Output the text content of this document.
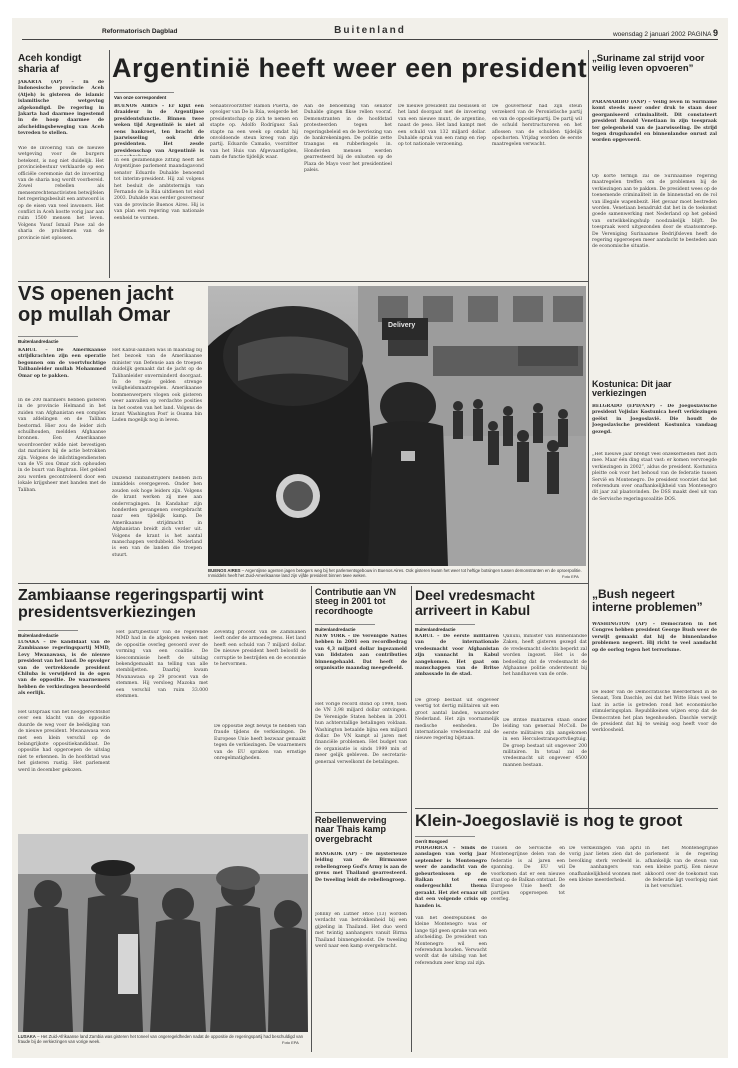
Reformatorisch Dagblad	Buitenland	woensdag 2 januari 2002 PAGINA 9
Aceh kondigt sharia af
JAKARTA (AP) – In de Indonesische provincie Aceh (Atjeh) is gisteren de islamic islamitische wetgeving afgekondigd. De regering in Jakarta had daarmee ingestemd in de hoop daarmee de afscheidingsbeweging van Aceh tevreden te stellen.
Wie de invoering van de nieuwe wetgeving voor de burgers betekent, is nog niet duidelijk. Het provinciebestuur verklaarde op een officiële ceremonie dat de invoering van de sharia nog wordt voorbereid. Zowel rebellen als mensenrechtenactivisten betwijfelen het regeringsbesluit een antwoord is op de eisen van veel inwoners. Het conflict in Aceh kostte vorig jaar aan ruim 1500 mensen het leven. Volgens Yusuf Ismail Pase zal de sharia de problemen van de provincie niet oplossen.
Argentinië heeft weer een president
Van onze correspondent
BUENOS AIRES – Er kijkt een draaideur in de Argentijnse presidentsfunctie. Binnen twee weken tijd Argentinië is niet al eens bankroet, ten bracht de jaarwisseling ook drie presidenten. Het zesde presidenschap van Argentinië is
In een gezamenlijke zitting heeft het Argentijnse parlement maandagavond senator Eduardo Duhalde benoemd tot interim-president. Hij zal volgens het besluit de ambtstermijn van Fernando de la Rúa uitdienen tot eind 2003. Duhalde was eerder gouverneur van de provincie Buenos Aires. Hij is van plan een regering van nationale eenheid te vormen.
Senaatsvoorzitter Ramón Puerta, de opvolger van De la Rúa, weigerde het presidentschap op zich te nemen en stapte op. Adolfo Rodríguez Saá stapte na een week op omdat hij onvoldoende steun kreeg van zijn partij. Eduardo Camaño, voorzitter van het Huis van Afgevaardigden, nam de functie tijdelijk waar.
Aan de benoeming van senator Duhalde gingen fikse rellen vooraf. Demonstranten in de hoofdstad protesteerden tegen het regeringsbeleid en de bevriezing van de bankrekeningen. De politie zette traangas en rubberkogels in. Honderden mensen werden gearresteerd bij de onlusten op de Plaza de Mayo voor het presidentieel paleis.
De nieuwe president zal beslissen of het land doorgaat met de invoering van een nieuwe munt, de argentino, naast de peso. Het land kampt met een schuld van 132 miljard dollar. Duhalde sprak van een ramp en riep op tot nationale verzoening.
De gouverneur had zijn steun verzekerd van de Peronistische partij en van de oppositiepartij. De partij wil de schuld herstructureren en het aflossen van de schulden tijdelijk opschorten. Vrijdag worden de eerste maatregelen verwacht.
„Suriname zal strijd voor veilig leven opvoeren”
PARAMARIBO (ANP) – Veilig leven in Suriname komt steeds meer onder druk te staan door georganiseerd criminaliteit. Dit constateert president Ronald Venetiaan in zijn toespraak ter gelegenheid van de jaarwisseling. De strijd tegen drugshandel en binnenlandse onrust zal worden opgevoerd.
Op korte termijn zal de Surinaamse regering maatregelen treffen om de problemen bij de verkiezingen aan te pakken. De president wees op de toenemende criminaliteit in de binnenstad en de rol van illegale wapenbezit. Het gevaar moet bestreden worden. Venetiaan benadrukt dat het in de toekomst goede samenwerking met Nederland op het gebied van ontwikkelingshulp noodzakelijk blijft. De toespraak werd uitgezonden door de staatsomroep. De Vereniging Surinaamse Bedrijfsleven heeft de regering opgeroepen meer aandacht te besteden aan de economische situatie.
Kostunica: Dit jaar verkiezingen
BELGRADO (EPD/ANP) – De Joegoslavische president Vojislav Kostunica heeft verkiezingen geëist in Joegoslavië. Die houdt de Joegoslavische president Kostunica vandaag gezegd.
„Het nieuwe jaar brengt veel onzekerheden met zich mee. Maar één ding staat vast: er komen vervroegde verkiezingen in 2002”, aldus de president. Kostunica pleitte ook voor het behoud van de federatie tussen Servië en Montenegro. De president voorziet dat het referendum over onafhankelijkheid van Montenegro dit jaar zal plaatsvinden. De DSS maakt deel uit van de Servische regeringscoalitie DOS.
VS openen jacht op mullah Omar
Buitenlandredactie
KABUL – De Amerikaanse strijdkrachten zijn een operatie begonnen om de voortvluchtige Talibanleider mullah Mohammed Omar op te pakken.
In de 200 mariniers hebben gisteren in de provincie Helmand in het zuiden van Afghanistan een complex van afdelingen en de Taliban bestormd. Hier zou de leider zich schuilhouden, meldden Afghaanse bronnen. Een Amerikaanse woordvoerder wilde niet bevestigen dat mariniers bij de actie betrokken zijn. Volgens de inlichtingendiensten van de VS zou Omar zich ophouden in de buurt van Baghran. Het gebied zou worden gecontroleerd door een lokale krijgsheer met banden met de Taliban.
Het Kabul-aanzien was in maandag bij het bezoek van de Amerikaanse minister van Defensie aan de troepen duidelijk gemaakt dat de jacht op de Talibanleider onverminderd doorgaat. In de regio gelden strenge veiligheidsmaatregelen. Amerikaanse bommenwerpers vlogen ook gisteren weer aanvallen op verdachte posities in het oosten van het land. Volgens de krant 'Washington Post' is Osama bin Laden mogelijk nog in leven.
Duizend Talibanstrijders hebben zich inmiddels overgegeven. Onder hen zouden ook hoge leiders zijn. Volgens de krant werken zij mee aan ondervragingen. In Kandahar zijn honderden gevangenen overgebracht naar een tijdelijk kamp. De Amerikaanse strijdmacht in Afghanistan breidt zich verder uit. Volgens de krant is het aantal manschappen verdubbeld. Nederland is een van de landen die troepen stuurt.
Delivery
BUENOS AIRES – Argentijnse agenten jagen betogers weg bij het parlementsgebouw in Buenos Aires. Ook gisteren kwam het weer tot heftige botsingen tussen demonstranten en de oproerpolitie. Inmiddels heeft het Zuid-Amerikaanse land zijn vijfde president binnen twee weken.	Foto EPA
Zambiaanse regeringspartij wint presidentsverkiezingen
Buitenlandredactie
LUSAKA – De kandidaat van de Zambiaanse regeringspartij MMD, Levy Mwanawasa, is de nieuwe president van het land. De opvolger van de vertrekkende president Chiluba is verwijderd in de ogen van de oppositie. De waarnemers hebben de verkiezingen beoordeeld als eerlijk.
Het uitspraak van het hooggerechtshof over een klacht van de oppositie duurde de weg voor de beëdiging van de nieuwe president. Mwanawasa won met een klein verschil op de belangrijkste oppositiekandidaat. De oppositie had opgeroepen de uitslag niet te erkennen. In de hoofdstad was het gisteren rustig. Het parlement werd in december gekozen.
Het partijbestuur van de regerende MMD had in de afgelopen weken met de oppositie overleg gevoerd over de vorming van een coalitie. De kiescommissie heeft de uitslag bekendgemaakt na telling van alle stembiljetten. Daarbij kwam Mwanawasa op 29 procent van de stemmen. Hij versloeg Mazoka met een verschil van ruim 33.000 stemmen.
Zeventig procent van de Zambianen leeft onder de armoedegrens. Het land heeft een schuld van 7 miljard dollar. De nieuwe president heeft beloofd de corruptie te bestrijden en de economie te hervormen.
De oppositie zegt bewijs te hebben van fraude tijdens de verkiezingen. De Europese Unie heeft bezwaar gemaakt tegen de verkiezingen. De waarnemers van de EU spraken van ernstige onregelmatigheden.
LUSAKA – Het Zuid-Afrikaanse land Zambia was gisteren het toneel van ongeregeldheden nadat de oppositie de regeringspartij had beschuldigd van fraude bij de verkiezingen van vorige week.	Foto EPA
Contributie aan VN steeg in 2001 tot recordhoogte
Buitenlandredactie
NEW YORK – De Verenigde Naties hebben in 2001 een recordbedrag van 4,3 miljard dollar ingezameld van lidstaten aan contributies binnengehaald. Dat heeft de organisatie maandag meegedeeld.
Het vorige record stond op 1998, toen de VN 3,98 miljard dollar ontvingen. De Verenigde Staten hebben in 2001 hun achterstallige betalingen voldaan. Washington betaalde bijna een miljard dollar. De VN kampt al jaren met financiële problemen. Het budget van de organisatie is sinds 1999 min of meer gelijk gebleven. De secretaris-generaal verwelkomt de betalingen.
Rebellenwerving naar Thais kamp overgebracht
BANGKOK (AP) – De mysterieuze leiding van de Birmaanse rebellengroep God's Army is aan de grens met Thailand gearresteerd. De tweeling leidt de rebellengroep.
Johnny en Luther Htoo (13) worden verdacht van betrokkenheid bij een gijzeling in Thailand. Het duo werd met twintig aanhangers vanuit Birma Thailand binnengeloodst. De tweeling werd naar een kamp overgebracht.
Deel vredesmacht arriveert in Kabul
Buitenlandredactie
KABUL – De eerste militairen van de internationale vredesmacht voor Afghanistan zijn vannacht in Kabul aangekomen. Het gaat om manschappen van de Britse ambassade in de stad.
De groep bestaat uit ongeveer veertig tot dertig militairen uit een groot aantal landen, waaronder Nederland. Het zijn voornamelijk medische eenheden. De internationale vredesmacht zal de nieuwe regering bijstaan.
Qanuni, minister van Binnenlandse Zaken, heeft gisteren gezegd dat de vredesmacht slechts beperkt zal worden ingezet. Het is de bedoeling dat de vredesmacht de Afghaanse politie ondersteunt bij het handhaven van de orde.
De Britse militairen staan onder leiding van generaal McColl. De eerste militairen zijn aangekomen in een Herculestransportvliegtuig. De groep bestaat uit ongeveer 200 militairen. In totaal zal de vredesmacht uit ongeveer 4500 mannen bestaan.
„Bush negeert interne problemen”
WASHINGTON (AP) – Democraten in het Congres hebben president George Bush weer de verwijt gemaakt dat hij de binnenlandse problemen negeert. Hij richt te veel aandacht op de oorlog tegen het terrorisme.
De leider van de Democratische meerderheid in de Senaat, Tom Daschle, zei dat het Witte Huis veel te laat in actie is getreden rond het economische stimuleringsplan. Republikeinen wijzen erop dat de Democraten het plan tegenhouden. Daschle verwijt de president dat hij te weinig oog heeft voor de werkloosheid.
Klein-Joegoslavië is nog te groot
Gerrit Bosgoed
PODGORICA – Sinds de aanslagen van vorig jaar september is Montenegro weer de aandacht van de gebeurtenissen op de Balkan tot een ondergeschikt thema geraakt. Het ziet ernaar uit dat een volgende crisis op handen is.
Van het deelrepubliek de kleine Montenegro was er lange tijd geen sprake van een afscheiding. De president van Montenegro wil een referendum houden. Verwacht wordt dat de uitslag van het referendum zeer krap zal zijn.
Tussen de Servische en Montenegrijnse delen van de federatie is al jaren een spanning. De EU wil voorkomen dat er een nieuwe staat op de Balkan ontstaat. De Europese Unie heeft de partijen opgeroepen tot overleg.
De verkiezingen van april vorig jaar lieten zien dat de bevolking sterk verdeeld is. De aanhangers van onafhankelijkheid wonnen met een kleine meerderheid.
In het Montenegrijnse parlement is de regering afhankelijk van de steun van een kleine partij. Een nieuw akkoord over de toekomst van de federatie ligt voorlopig niet in het verschiet.
